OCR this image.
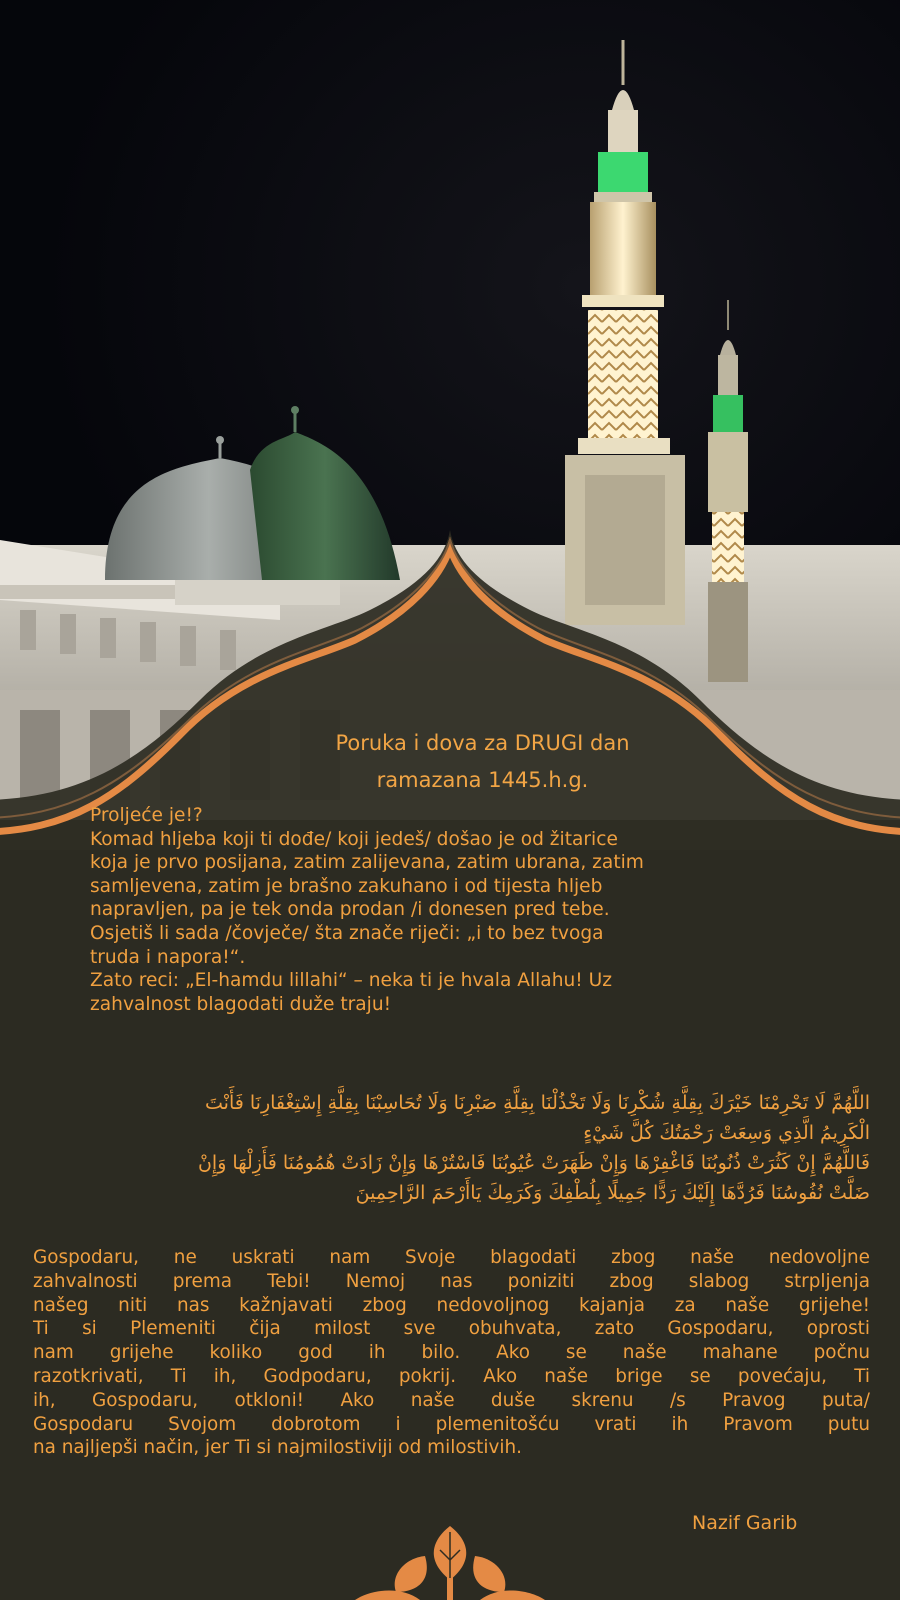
Poruka i dova za DRUGI dan
ramazana 1445.h.g.
Proljeće je!?
Komad hljeba koji ti dođe/ koji jedeš/ došao je od žitarice
koja je prvo posijana, zatim zalijevana, zatim ubrana, zatim
samljevena, zatim je brašno zakuhano i od tijesta hljeb
napravljen, pa je tek onda prodan /i donesen pred tebe.
Osjetiš li sada /čovječe/ šta znače riječi: „i to bez tvoga
truda i napora!“.
Zato reci: „El-hamdu lillahi“ – neka ti je hvala Allahu! Uz
zahvalnost blagodati duže traju!
اللَّهُمَّ لَا تَحْرِمْنَا خَيْرَكَ بِقِلَّةِ شُكْرِنَا وَلَا تَخْذُلْنَا بِقِلَّةِ صَبْرِنَا وَلَا تُحَاسِبْنَا بِقِلَّةِ إِسْتِغْفَارِنَا فَأَنْتَ
الْكَرِيمُ الَّذِي وَسِعَتْ رَحْمَتُكَ كُلَّ شَيْءٍ
فَاللَّهُمَّ إِنْ كَثُرَتْ ذُنُوبُنَا فَاغْفِرْهَا وَإِنْ ظَهَرَتْ عُيُوبُنَا فَاسْتُرْهَا وَإِنْ زَادَتْ هُمُومُنَا فَأَزِلْهَا وَإِنْ
ضَلَّتْ نُفُوسُنَا فَرُدَّهَا إِلَيْكَ رَدًّا جَمِيلًا بِلُطْفِكَ وَكَرَمِكَ يَاأَرْحَمَ الرَّاحِمِينَ
Gospodaru, ne uskrati nam Svoje blagodati zbog naše nedovoljne
zahvalnosti prema Tebi! Nemoj nas poniziti zbog slabog strpljenja
našeg niti nas kažnjavati zbog nedovoljnog kajanja za naše grijehe!
Ti si Plemeniti čija milost sve obuhvata, zato Gospodaru, oprosti
nam grijehe koliko god ih bilo. Ako se naše mahane počnu
razotkrivati, Ti ih, Godpodaru, pokrij. Ako naše brige se povećaju, Ti
ih, Gospodaru, otkloni! Ako naše duše skrenu /s Pravog puta/
Gospodaru Svojom dobrotom i plemenitošću vrati ih Pravom putu
na najljepši način, jer Ti si najmilostiviji od milostivih.
Nazif Garib
